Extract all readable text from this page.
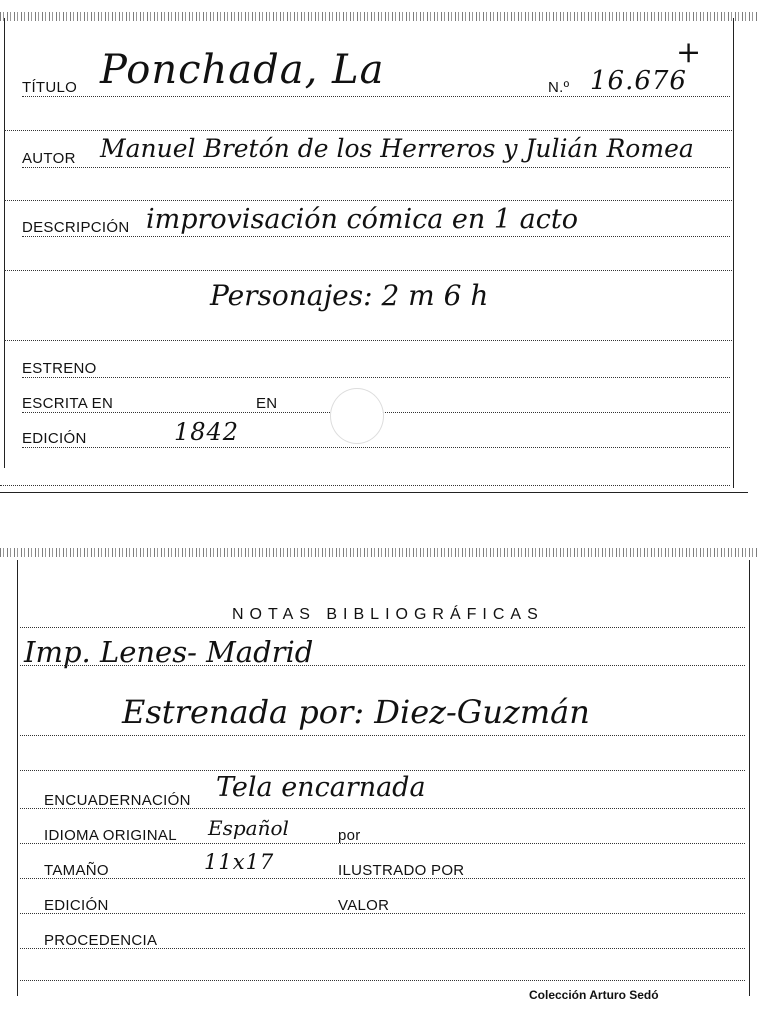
TÍTULO Ponchada, La	N.º 16.676
+
AUTOR Manuel Bretón de los Herreros y Julián Romea
DESCRIPCIÓN improvisación cómica en 1 acto
Personajes: 2 m 6 h
ESTRENO
ESCRITA EN	EN
EDICIÓN	1842
NOTAS BIBLIOGRÁFICAS
Imp. Lenes- Madrid
Estrenada por: Diez-Guzmán
ENCUADERNACIÓN Tela encarnada
IDIOMA ORIGINAL Español	por
TAMAÑO	11x17	ILUSTRADO POR
EDICIÓN	VALOR
PROCEDENCIA
Colección Arturo Sedó
